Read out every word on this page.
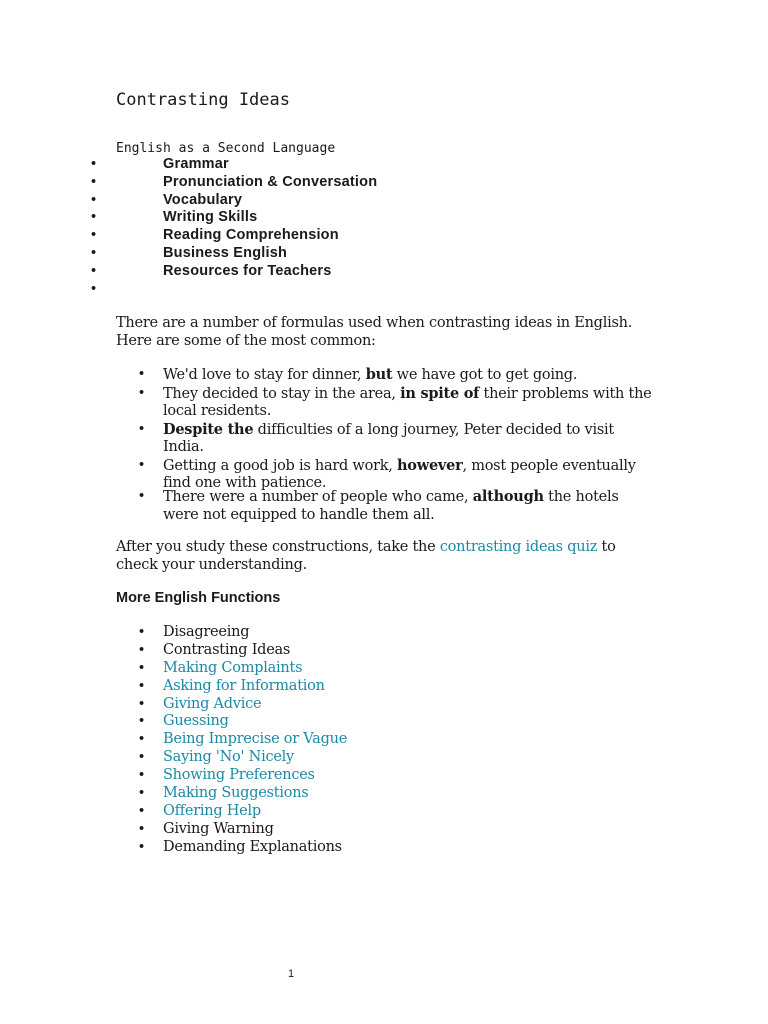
Contrasting Ideas
English as a Second Language
•	Grammar
•	Pronunciation & Conversation
•	Vocabulary
•	Writing Skills
•	Reading Comprehension
•	Business English
•	Resources for Teachers
•

There are a number of formulas used when contrasting ideas in English. Here are some of the most common:

• We'd love to stay for dinner, but we have got to get going.
• They decided to stay in the area, in spite of their problems with the local residents.
• Despite the difficulties of a long journey, Peter decided to visit India.
• Getting a good job is hard work, however, most people eventually find one with patience.
• There were a number of people who came, although the hotels were not equipped to handle them all.

After you study these constructions, take the contrasting ideas quiz to check your understanding.

More English Functions
• Disagreeing
• Contrasting Ideas
• Making Complaints
• Asking for Information
• Giving Advice
• Guessing
• Being Imprecise or Vague
• Saying 'No' Nicely
• Showing Preferences
• Making Suggestions
• Offering Help
• Giving Warning
• Demanding Explanations
1
